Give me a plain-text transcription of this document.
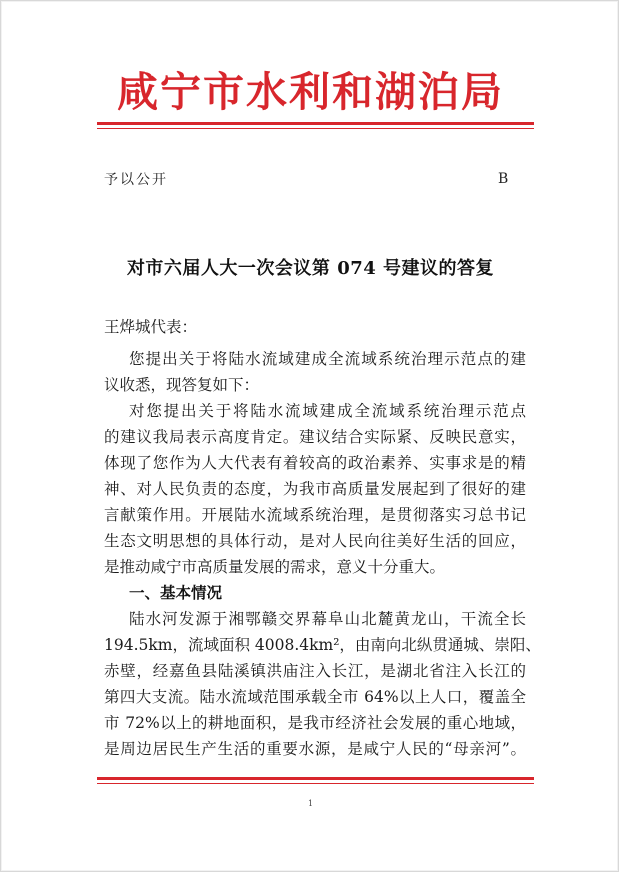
咸宁市水利和湖泊局
予以公开	B
对市六届人大一次会议第 074 号建议的答复
王烨城代表：
您提出关于将陆水流域建成全流域系统治理示范点的建
议收悉，现答复如下：
对您提出关于将陆水流域建成全流域系统治理示范点
的建议我局表示高度肯定。建议结合实际紧、反映民意实，
体现了您作为人大代表有着较高的政治素养、实事求是的精
神、对人民负责的态度，为我市高质量发展起到了很好的建
言献策作用。开展陆水流域系统治理，是贯彻落实习总书记
生态文明思想的具体行动，是对人民向往美好生活的回应，
是推动咸宁市高质量发展的需求，意义十分重大。
一、基本情况
陆水河发源于湘鄂赣交界幕阜山北麓黄龙山，干流全长
194.5km，流域面积 4008.4km²，由南向北纵贯通城、崇阳、
赤壁，经嘉鱼县陆溪镇洪庙注入长江，是湖北省注入长江的
第四大支流。陆水流域范围承载全市 64%以上人口，覆盖全
市 72%以上的耕地面积，是我市经济社会发展的重心地域，
是周边居民生产生活的重要水源，是咸宁人民的“母亲河”。
1
